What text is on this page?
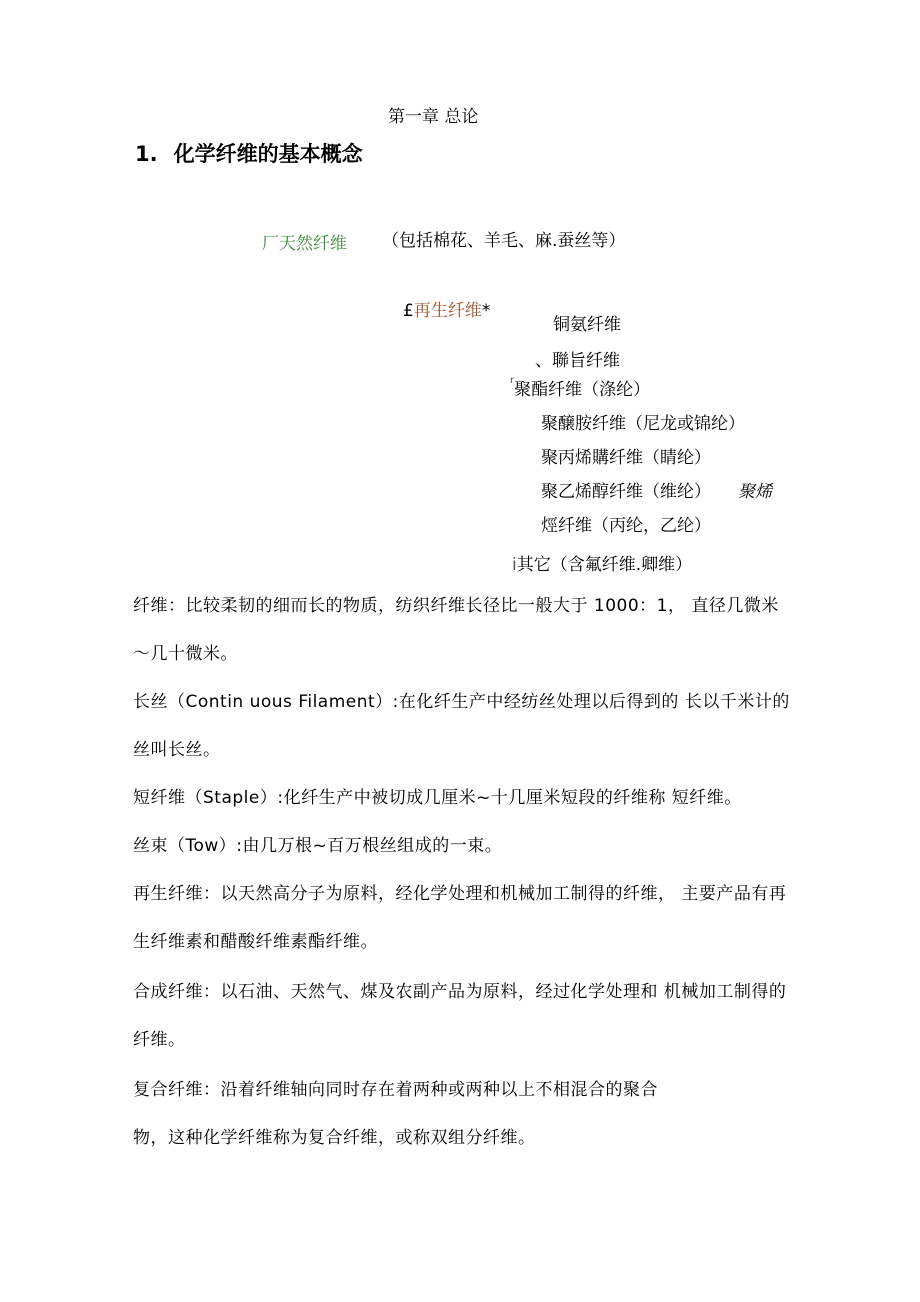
第一章 总论
1. 化学纤维的基本概念
厂天然纤维 （包括棉花、羊毛、麻.蚕丝等）
£再生纤维*
铜氨纤维
、聯旨纤维
$^r$聚酯纤维（涤纶）
聚醸胺纤维（尼龙或锦纶）
聚丙烯購纤维（睛纶）
聚乙烯醇纤维（维纶） 聚烯
烴纤维（丙纶，乙纶）
i其它（含氟纤维.卿维）
纤维：比较柔韧的细而长的物质，纺织纤维长径比一般大于 1000：1， 直径几微米～几十微米。
长丝（Contin uous Filament）:在化纤生产中经纺丝处理以后得到的 长以千米计的丝叫长丝。
短纤维（Staple）:化纤生产中被切成几厘米~十几厘米短段的纤维称 短纤维。
丝束（Tow）:由几万根~百万根丝组成的一束。
再生纤维：以天然高分子为原料，经化学处理和机械加工制得的纤维， 主要产品有再生纤维素和醋酸纤维素酯纤维。
合成纤维：以石油、天然气、煤及农副产品为原料，经过化学处理和 机械加工制得的纤维。
复合纤维：沿着纤维轴向同时存在着两种或两种以上不相混合的聚合
物，这种化学纤维称为复合纤维，或称双组分纤维。
